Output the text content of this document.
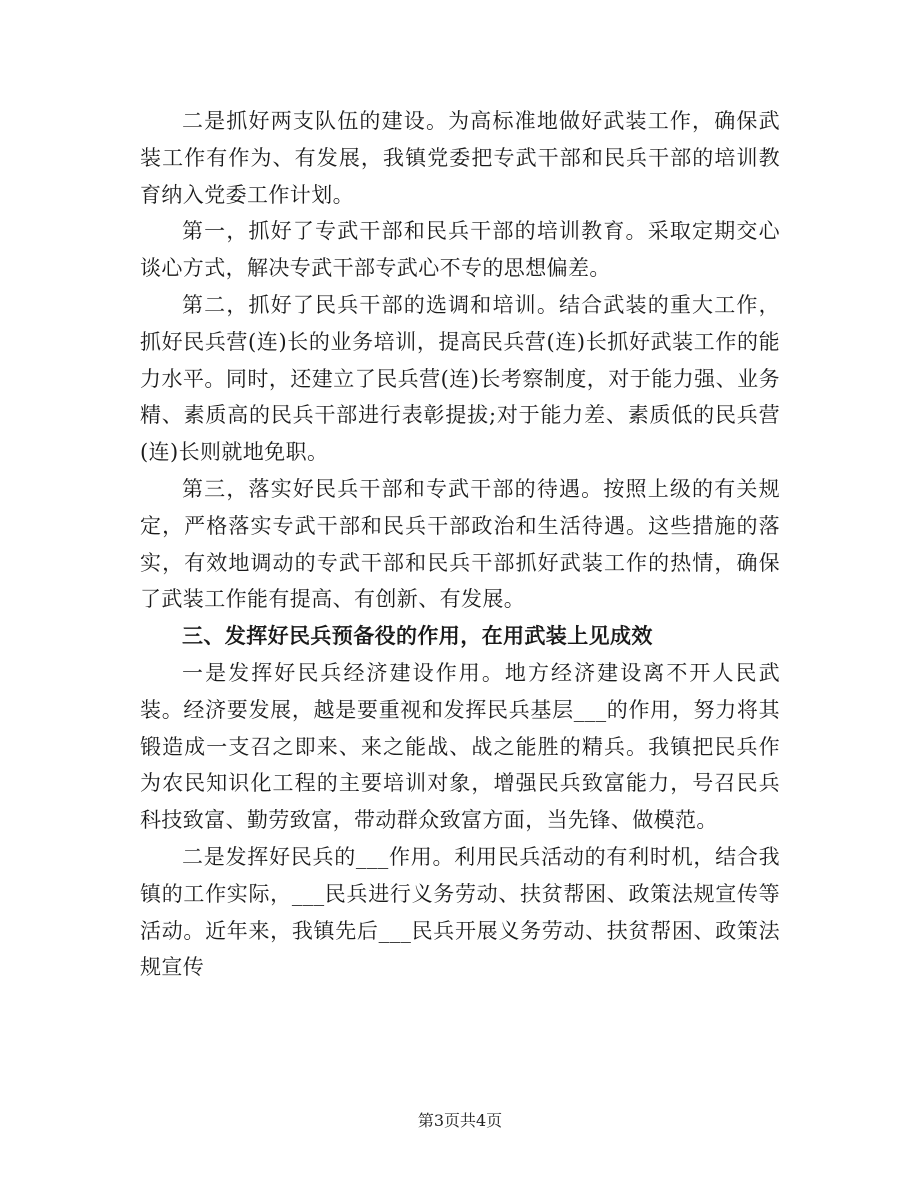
二是抓好两支队伍的建设。为高标准地做好武装工作，确保武装工作有作为、有发展，我镇党委把专武干部和民兵干部的培训教育纳入党委工作计划。

第一，抓好了专武干部和民兵干部的培训教育。采取定期交心谈心方式，解决专武干部专武心不专的思想偏差。

第二，抓好了民兵干部的选调和培训。结合武装的重大工作，抓好民兵营(连)长的业务培训，提高民兵营(连)长抓好武装工作的能力水平。同时，还建立了民兵营(连)长考察制度，对于能力强、业务精、素质高的民兵干部进行表彰提拔;对于能力差、素质低的民兵营(连)长则就地免职。

第三，落实好民兵干部和专武干部的待遇。按照上级的有关规定，严格落实专武干部和民兵干部政治和生活待遇。这些措施的落实，有效地调动的专武干部和民兵干部抓好武装工作的热情，确保了武装工作能有提高、有创新、有发展。

三、发挥好民兵预备役的作用，在用武装上见成效

一是发挥好民兵经济建设作用。地方经济建设离不开人民武装。经济要发展，越是要重视和发挥民兵基层___的作用，努力将其锻造成一支召之即来、来之能战、战之能胜的精兵。我镇把民兵作为农民知识化工程的主要培训对象，增强民兵致富能力，号召民兵科技致富、勤劳致富，带动群众致富方面，当先锋、做模范。

二是发挥好民兵的___作用。利用民兵活动的有利时机，结合我镇的工作实际，___民兵进行义务劳动、扶贫帮困、政策法规宣传等活动。近年来，我镇先后___民兵开展义务劳动、扶贫帮困、政策法规宣传

第3页共4页
